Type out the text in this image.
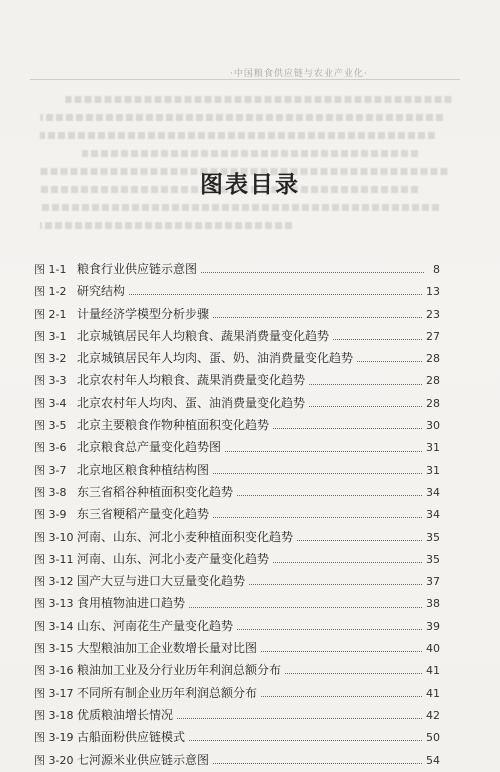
·中国粮食供应链与农业产业化·
图表目录
图 1-1 粮食行业供应链示意图	8
图 1-2 研究结构	13
图 2-1 计量经济学模型分析步骤	23
图 3-1 北京城镇居民年人均粮食、蔬果消费量变化趋势	27
图 3-2 北京城镇居民年人均肉、蛋、奶、油消费量变化趋势	28
图 3-3 北京农村年人均粮食、蔬果消费量变化趋势	28
图 3-4 北京农村年人均肉、蛋、油消费量变化趋势	28
图 3-5 北京主要粮食作物种植面积变化趋势	30
图 3-6 北京粮食总产量变化趋势图	31
图 3-7 北京地区粮食种植结构图	31
图 3-8 东三省稻谷种植面积变化趋势	34
图 3-9 东三省粳稻产量变化趋势	34
图 3-10 河南、山东、河北小麦种植面积变化趋势	35
图 3-11 河南、山东、河北小麦产量变化趋势	35
图 3-12 国产大豆与进口大豆量变化趋势	37
图 3-13 食用植物油进口趋势	38
图 3-14 山东、河南花生产量变化趋势	39
图 3-15 大型粮油加工企业数增长量对比图	40
图 3-16 粮油加工业及分行业历年利润总额分布	41
图 3-17 不同所有制企业历年利润总额分布	41
图 3-18 优质粮油增长情况	42
图 3-19 古船面粉供应链模式	50
图 3-20 七河源米业供应链示意图	54
